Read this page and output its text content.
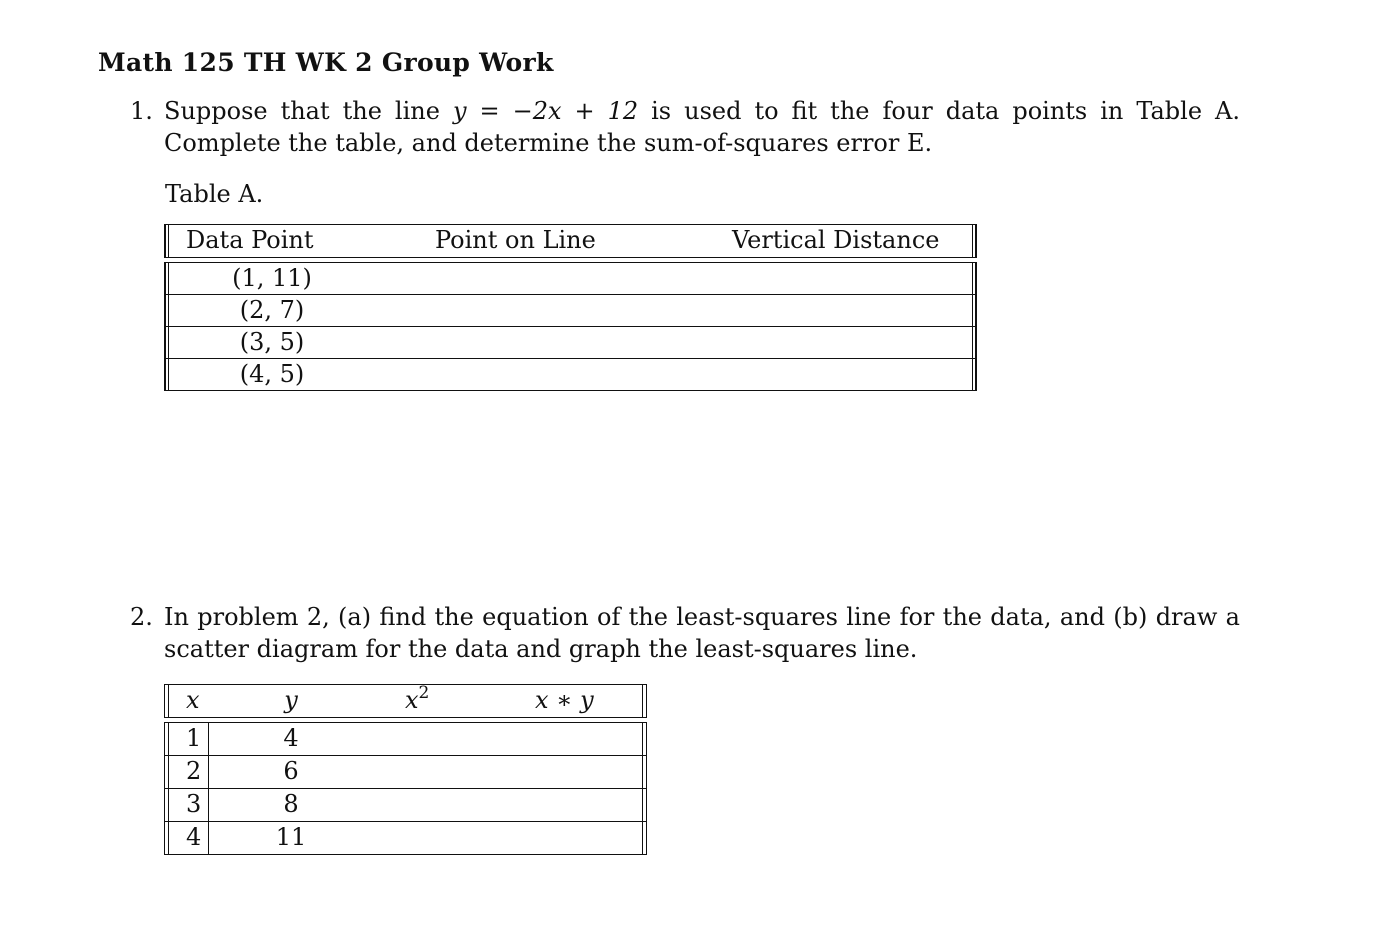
Math 125 TH WK 2 Group Work
1. Suppose that the line y = −2x + 12 is used to fit the four data points in Table A. Complete the table, and determine the sum-of-squares error E.
Table A.
Data Point	Point on Line	Vertical Distance
(1, 11)
(2, 7)
(3, 5)
(4, 5)
2. In problem 2, (a) find the equation of the least-squares line for the data, and (b) draw a scatter diagram for the data and graph the least-squares line.
x	y	$x^2$	x ∗ y
1	4
2	6
3	8
4	11
